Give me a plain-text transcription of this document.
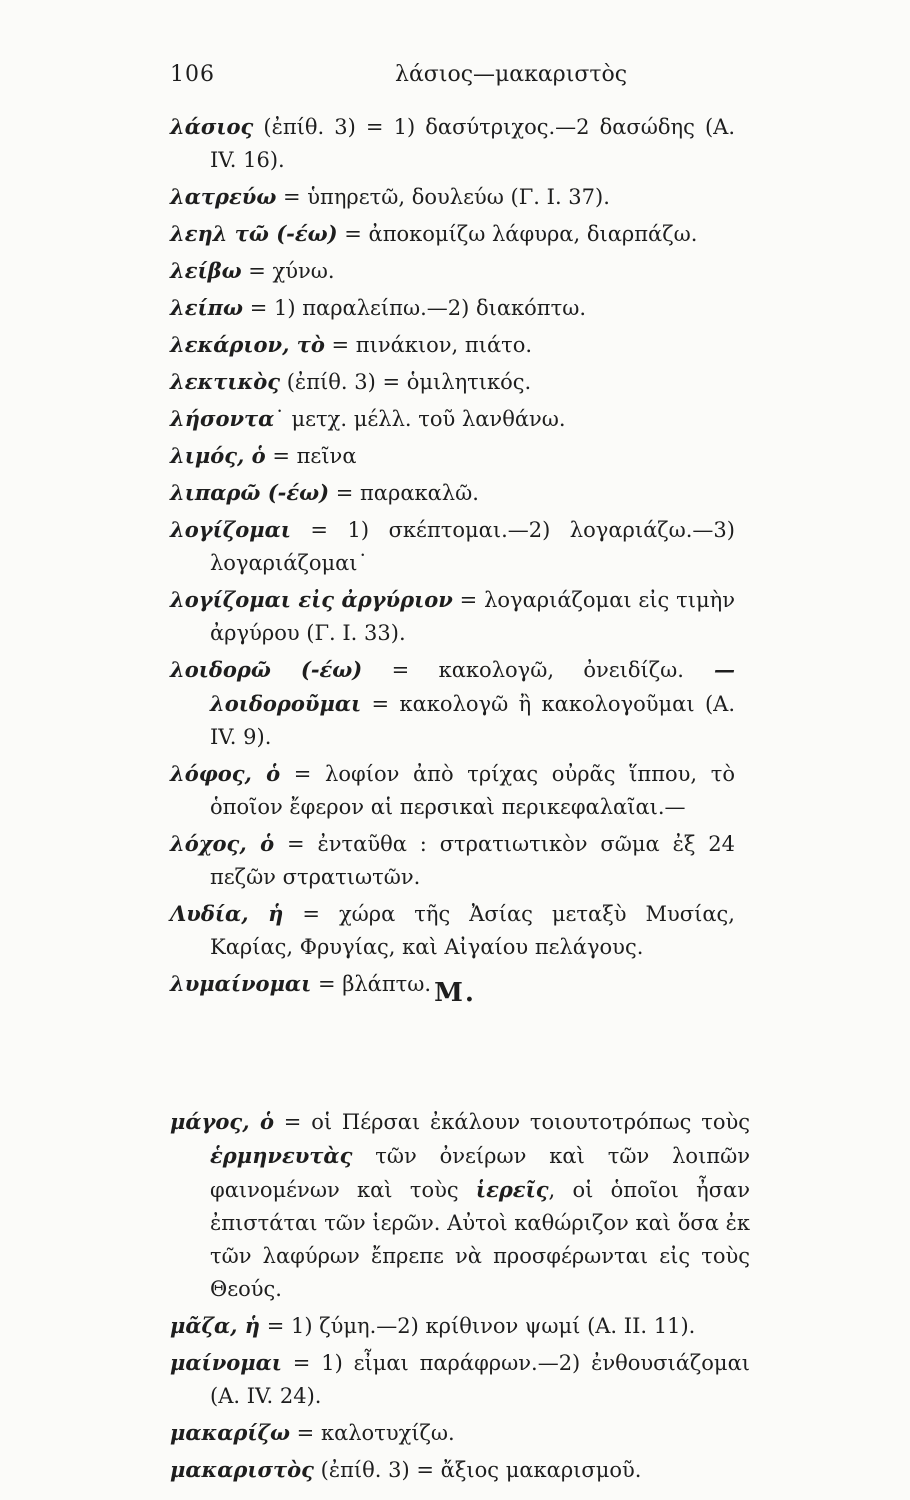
106	λάσιος—μακαριστὸς

λάσιος (ἐπίθ. 3) = 1) δασύτριχος.—2 δασώδης (Α. IV. 16).

λατρεύω = ὑπηρετῶ, δουλεύω (Γ. I. 37).

λεηλ τῶ (-έω) = ἀποκομίζω λάφυρα, διαρπάζω.

λείβω = χύνω.

λείπω = 1) παραλείπω.—2) διακόπτω.

λεκάριον, τὸ = πινάκιον, πιάτο.

λεκτικὸς (ἐπίθ. 3) = ὁμιλητικός.

λήσοντα˙ μετχ. μέλλ. τοῦ λανθάνω.

λιμός, ὁ = πεῖνα

λιπαρῶ (-έω) = παρακαλῶ.

λογίζομαι = 1) σκέπτομαι.—2) λογαριάζω.—3) λογαριάζομαι˙

λογίζομαι εἰς ἀργύριον = λογαριάζομαι εἰς τιμὴν ἀργύρου (Γ. I. 33).

λοιδορῶ (-έω) = κακολογῶ, ὀνειδίζω. —λοιδοροῦμαι = κακολογῶ ἢ κακολογοῦμαι (Α. IV. 9).

λόφος, ὁ = λοφίον ἀπὸ τρίχας οὐρᾶς ἵππου, τὸ ὁποῖον ἔφερον αἱ περσικαὶ περικεφαλαῖαι.—

λόχος, ὁ = ἐνταῦθα : στρατιωτικὸν σῶμα ἐξ 24 πεζῶν στρατιωτῶν.

Λυδία, ἡ = χώρα τῆς Ἀσίας μεταξὺ Μυσίας, Καρίας, Φρυγίας, καὶ Αἰγαίου πελάγους.

λυμαίνομαι = βλάπτω. Μ.

μάγος, ὁ = οἱ Πέρσαι ἐκάλουν τοιουτοτρόπως τοὺς ἑρμηνευτὰς τῶν ὀνείρων καὶ τῶν λοιπῶν φαινομένων καὶ τοὺς ἱερεῖς, οἱ ὁποῖοι ἦσαν ἐπιστάται τῶν ἱερῶν. Αὐτοὶ καθώριζον καὶ ὅσα ἐκ τῶν λαφύρων ἔπρεπε νὰ προσφέρωνται εἰς τοὺς Θεούς.

μᾶζα, ἡ = 1) ζύμη.—2) κρίθινον ψωμί (Α. II. 11).

μαίνομαι = 1) εἶμαι παράφρων.—2) ἐνθουσιάζομαι (Α. IV. 24).

μακαρίζω = καλοτυχίζω.

μακαριστὸς (ἐπίθ. 3) = ἄξιος μακαρισμοῦ.
